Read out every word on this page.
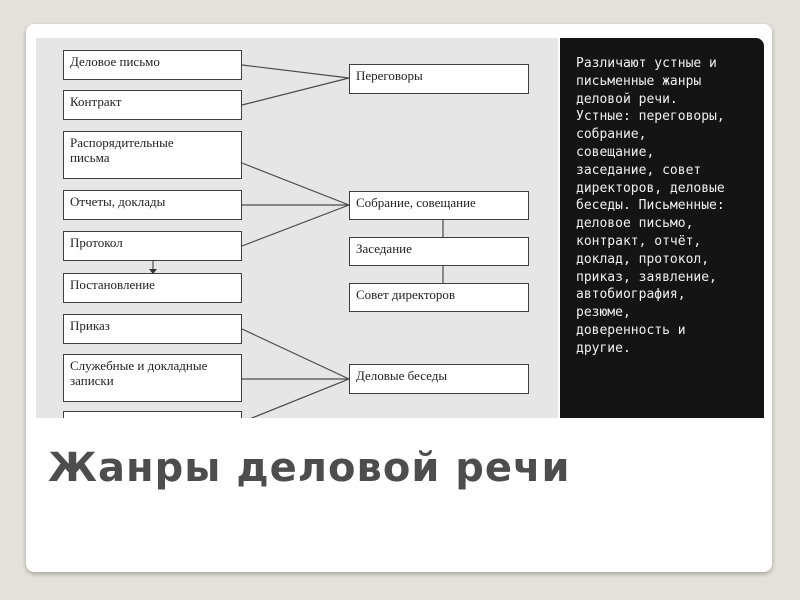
Деловое письмо
Контракт
Распорядительные
письма
Отчеты, доклады
Протокол
Постановление
Приказ
Служебные и докладные
записки
Переговоры
Собрание, совещание
Заседание
Совет директоров
Деловые беседы
Различают устные и
письменные жанры
деловой речи.
Устные: переговоры,
собрание,
совещание,
заседание, совет
директоров, деловые
беседы. Письменные:
деловое письмо,
контракт, отчёт,
доклад, протокол,
приказ, заявление,
автобиография,
резюме,
доверенность и
другие.
Жанры деловой речи
